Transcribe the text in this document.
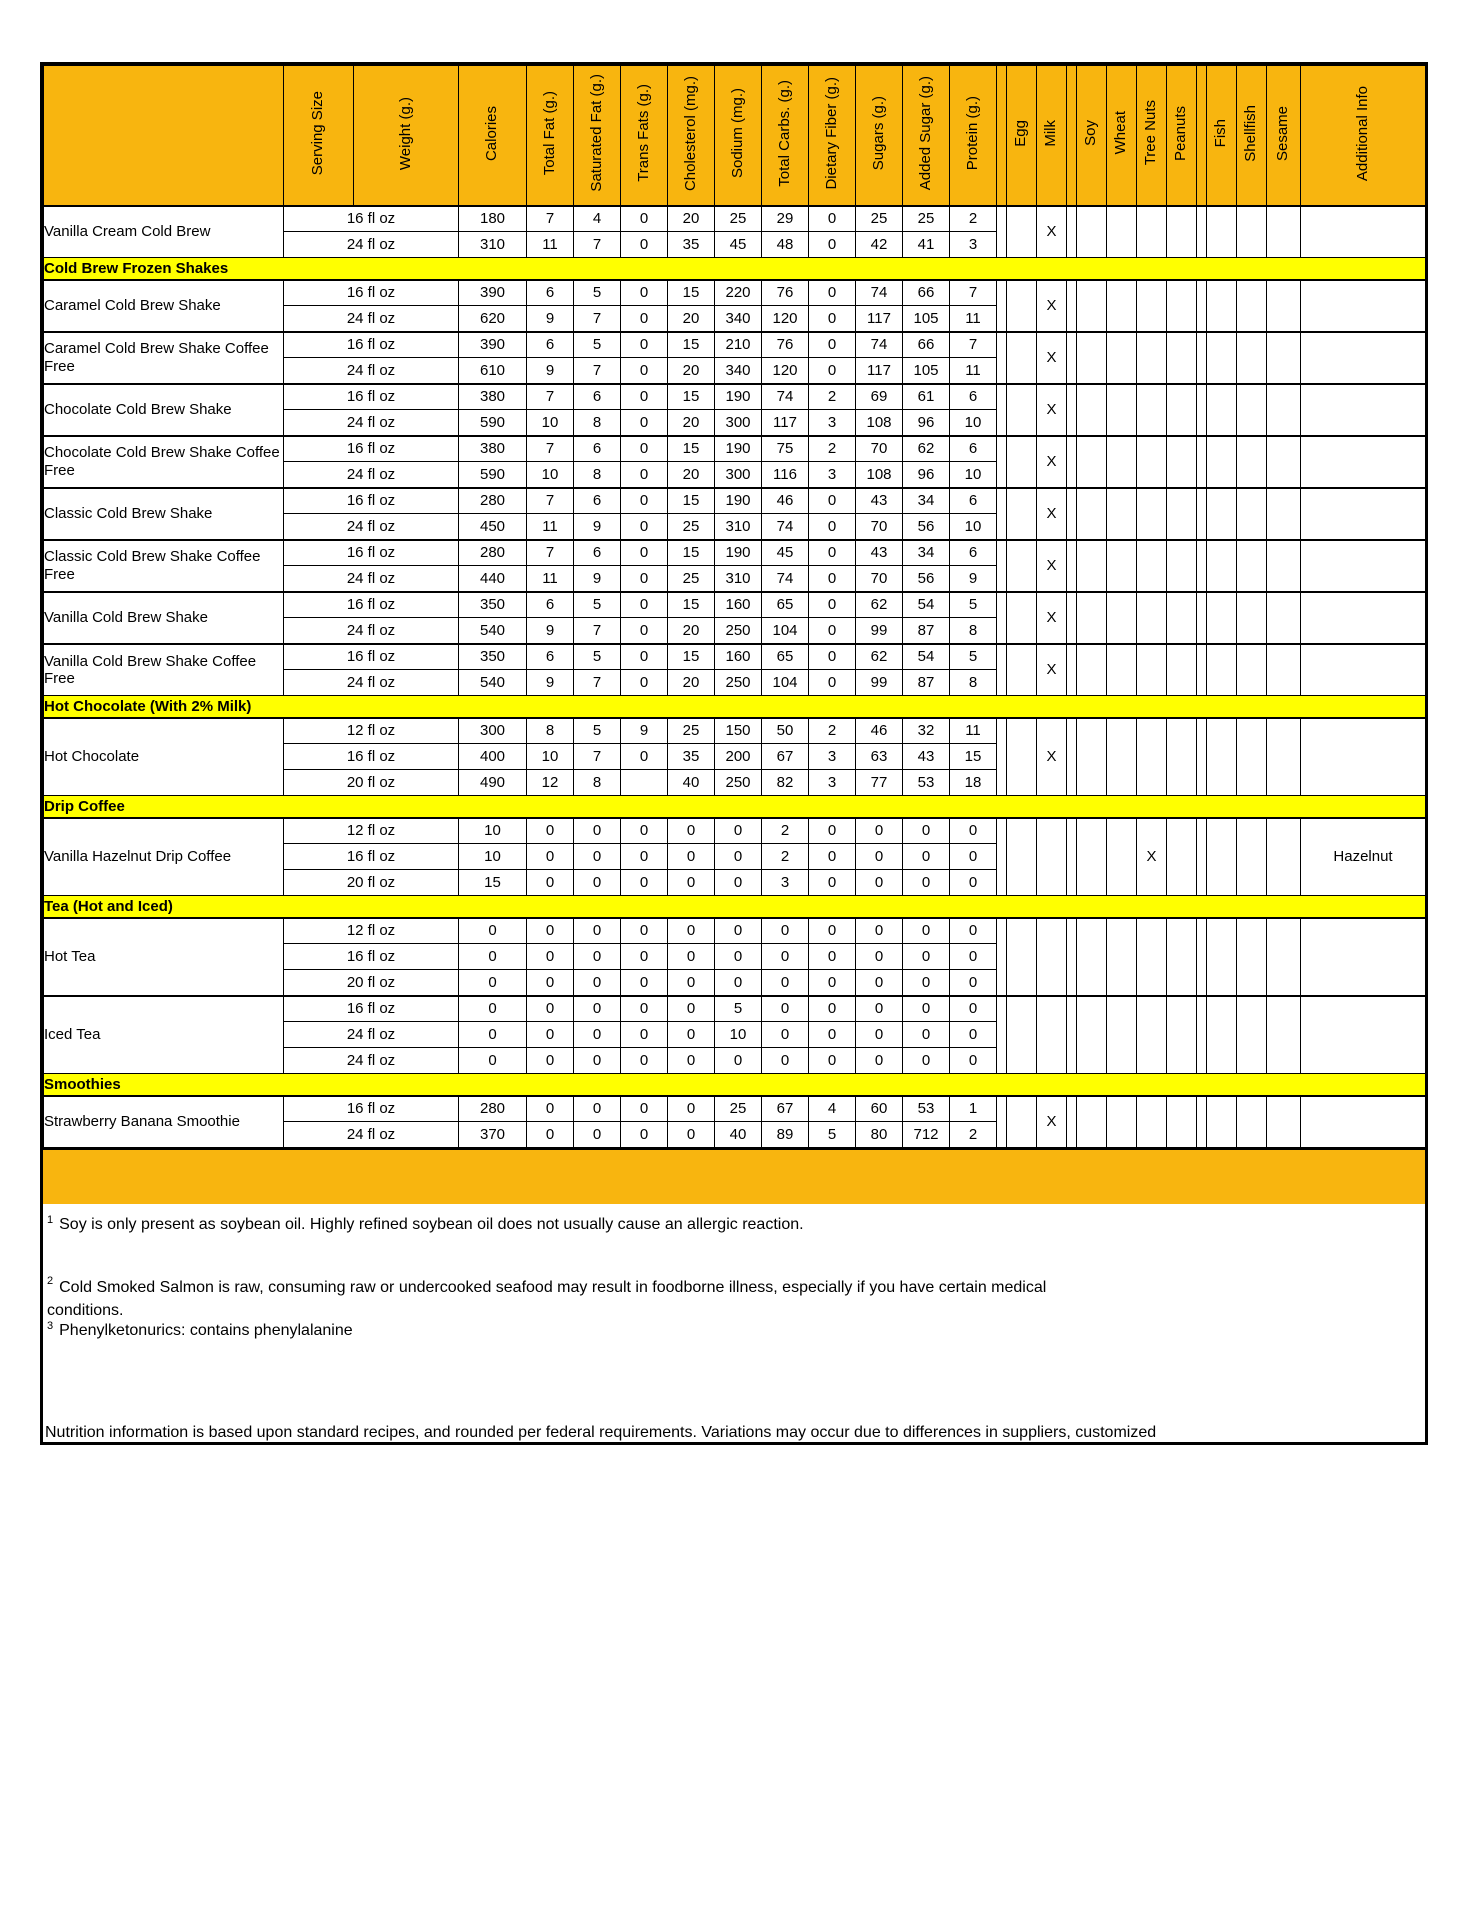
	Serving Size	Weight (g.)	Calories	Total Fat (g.)	Saturated Fat (g.)	Trans Fats (g.)	Cholesterol (mg.)	Sodium (mg.)	Total Carbs. (g.)	Dietary Fiber (g.)	Sugars (g.)	Added Sugar (g.)	Protein (g.)		Egg	Milk		Soy	Wheat	Tree Nuts	Peanuts		Fish	Shellfish	Sesame	Additional Info
Vanilla Cream Cold Brew	16 fl oz		180	7	4	0	20	25	29	0	25	25	2			X										
	24 fl oz		310	11	7	0	35	45	48	0	42	41	3													
Cold Brew Frozen Shakes																										
Caramel Cold Brew Shake	16 fl oz		390	6	5	0	15	220	76	0	74	66	7			X										
	24 fl oz		620	9	7	0	20	340	120	0	117	105	11													
Caramel Cold Brew Shake Coffee Free	16 fl oz		390	6	5	0	15	210	76	0	74	66	7			X										
	24 fl oz		610	9	7	0	20	340	120	0	117	105	11													
Chocolate Cold Brew Shake	16 fl oz		380	7	6	0	15	190	74	2	69	61	6			X										
	24 fl oz		590	10	8	0	20	300	117	3	108	96	10													
Chocolate Cold Brew Shake Coffee Free	16 fl oz		380	7	6	0	15	190	75	2	70	62	6			X										
	24 fl oz		590	10	8	0	20	300	116	3	108	96	10													
Classic Cold Brew Shake	16 fl oz		280	7	6	0	15	190	46	0	43	34	6			X										
	24 fl oz		450	11	9	0	25	310	74	0	70	56	10													
Classic Cold Brew Shake Coffee Free	16 fl oz		280	7	6	0	15	190	45	0	43	34	6			X										
	24 fl oz		440	11	9	0	25	310	74	0	70	56	9													
Vanilla Cold Brew Shake	16 fl oz		350	6	5	0	15	160	65	0	62	54	5			X										
	24 fl oz		540	9	7	0	20	250	104	0	99	87	8													
Vanilla Cold Brew Shake Coffee Free	16 fl oz		350	6	5	0	15	160	65	0	62	54	5			X										
	24 fl oz		540	9	7	0	20	250	104	0	99	87	8													
Hot Chocolate (With 2% Milk)																										
Hot Chocolate	12 fl oz		300	8	5	9	25	150	50	2	46	32	11			X										
	16 fl oz		400	10	7	0	35	200	67	3	63	43	15													
	20 fl oz		490	12	8		40	250	82	3	77	53	18													
Drip Coffee																										
Vanilla Hazelnut Drip Coffee	12 fl oz		10	0	0	0	0	0	2	0	0	0	0							X						Hazelnut
	16 fl oz		10	0	0	0	0	0	2	0	0	0	0													
	20 fl oz		15	0	0	0	0	0	3	0	0	0	0													
Tea (Hot and Iced)																										
Hot Tea	12 fl oz		0	0	0	0	0	0	0	0	0	0	0													
	16 fl oz		0	0	0	0	0	0	0	0	0	0	0													
	20 fl oz		0	0	0	0	0	0	0	0	0	0	0													
Iced Tea	16 fl oz		0	0	0	0	0	5	0	0	0	0	0													
	24 fl oz		0	0	0	0	0	10	0	0	0	0	0													
	24 fl oz		0	0	0	0	0	0	0	0	0	0	0													
Smoothies																										
Strawberry Banana Smoothie	16 fl oz		280	0	0	0	0	25	67	4	60	53	1			X										
	24 fl oz		370	0	0	0	0	40	89	5	80	712	2													

$^1$ Soy is only present as soybean oil. Highly refined soybean oil does not usually cause an allergic reaction.

$^2$ Cold Smoked Salmon is raw, consuming raw or undercooked seafood may result in foodborne illness, especially if you have certain medical conditions.

$^3$ Phenylketonurics: contains phenylalanine

Nutrition information is based upon standard recipes, and rounded per federal requirements. Variations may occur due to differences in suppliers, customized
